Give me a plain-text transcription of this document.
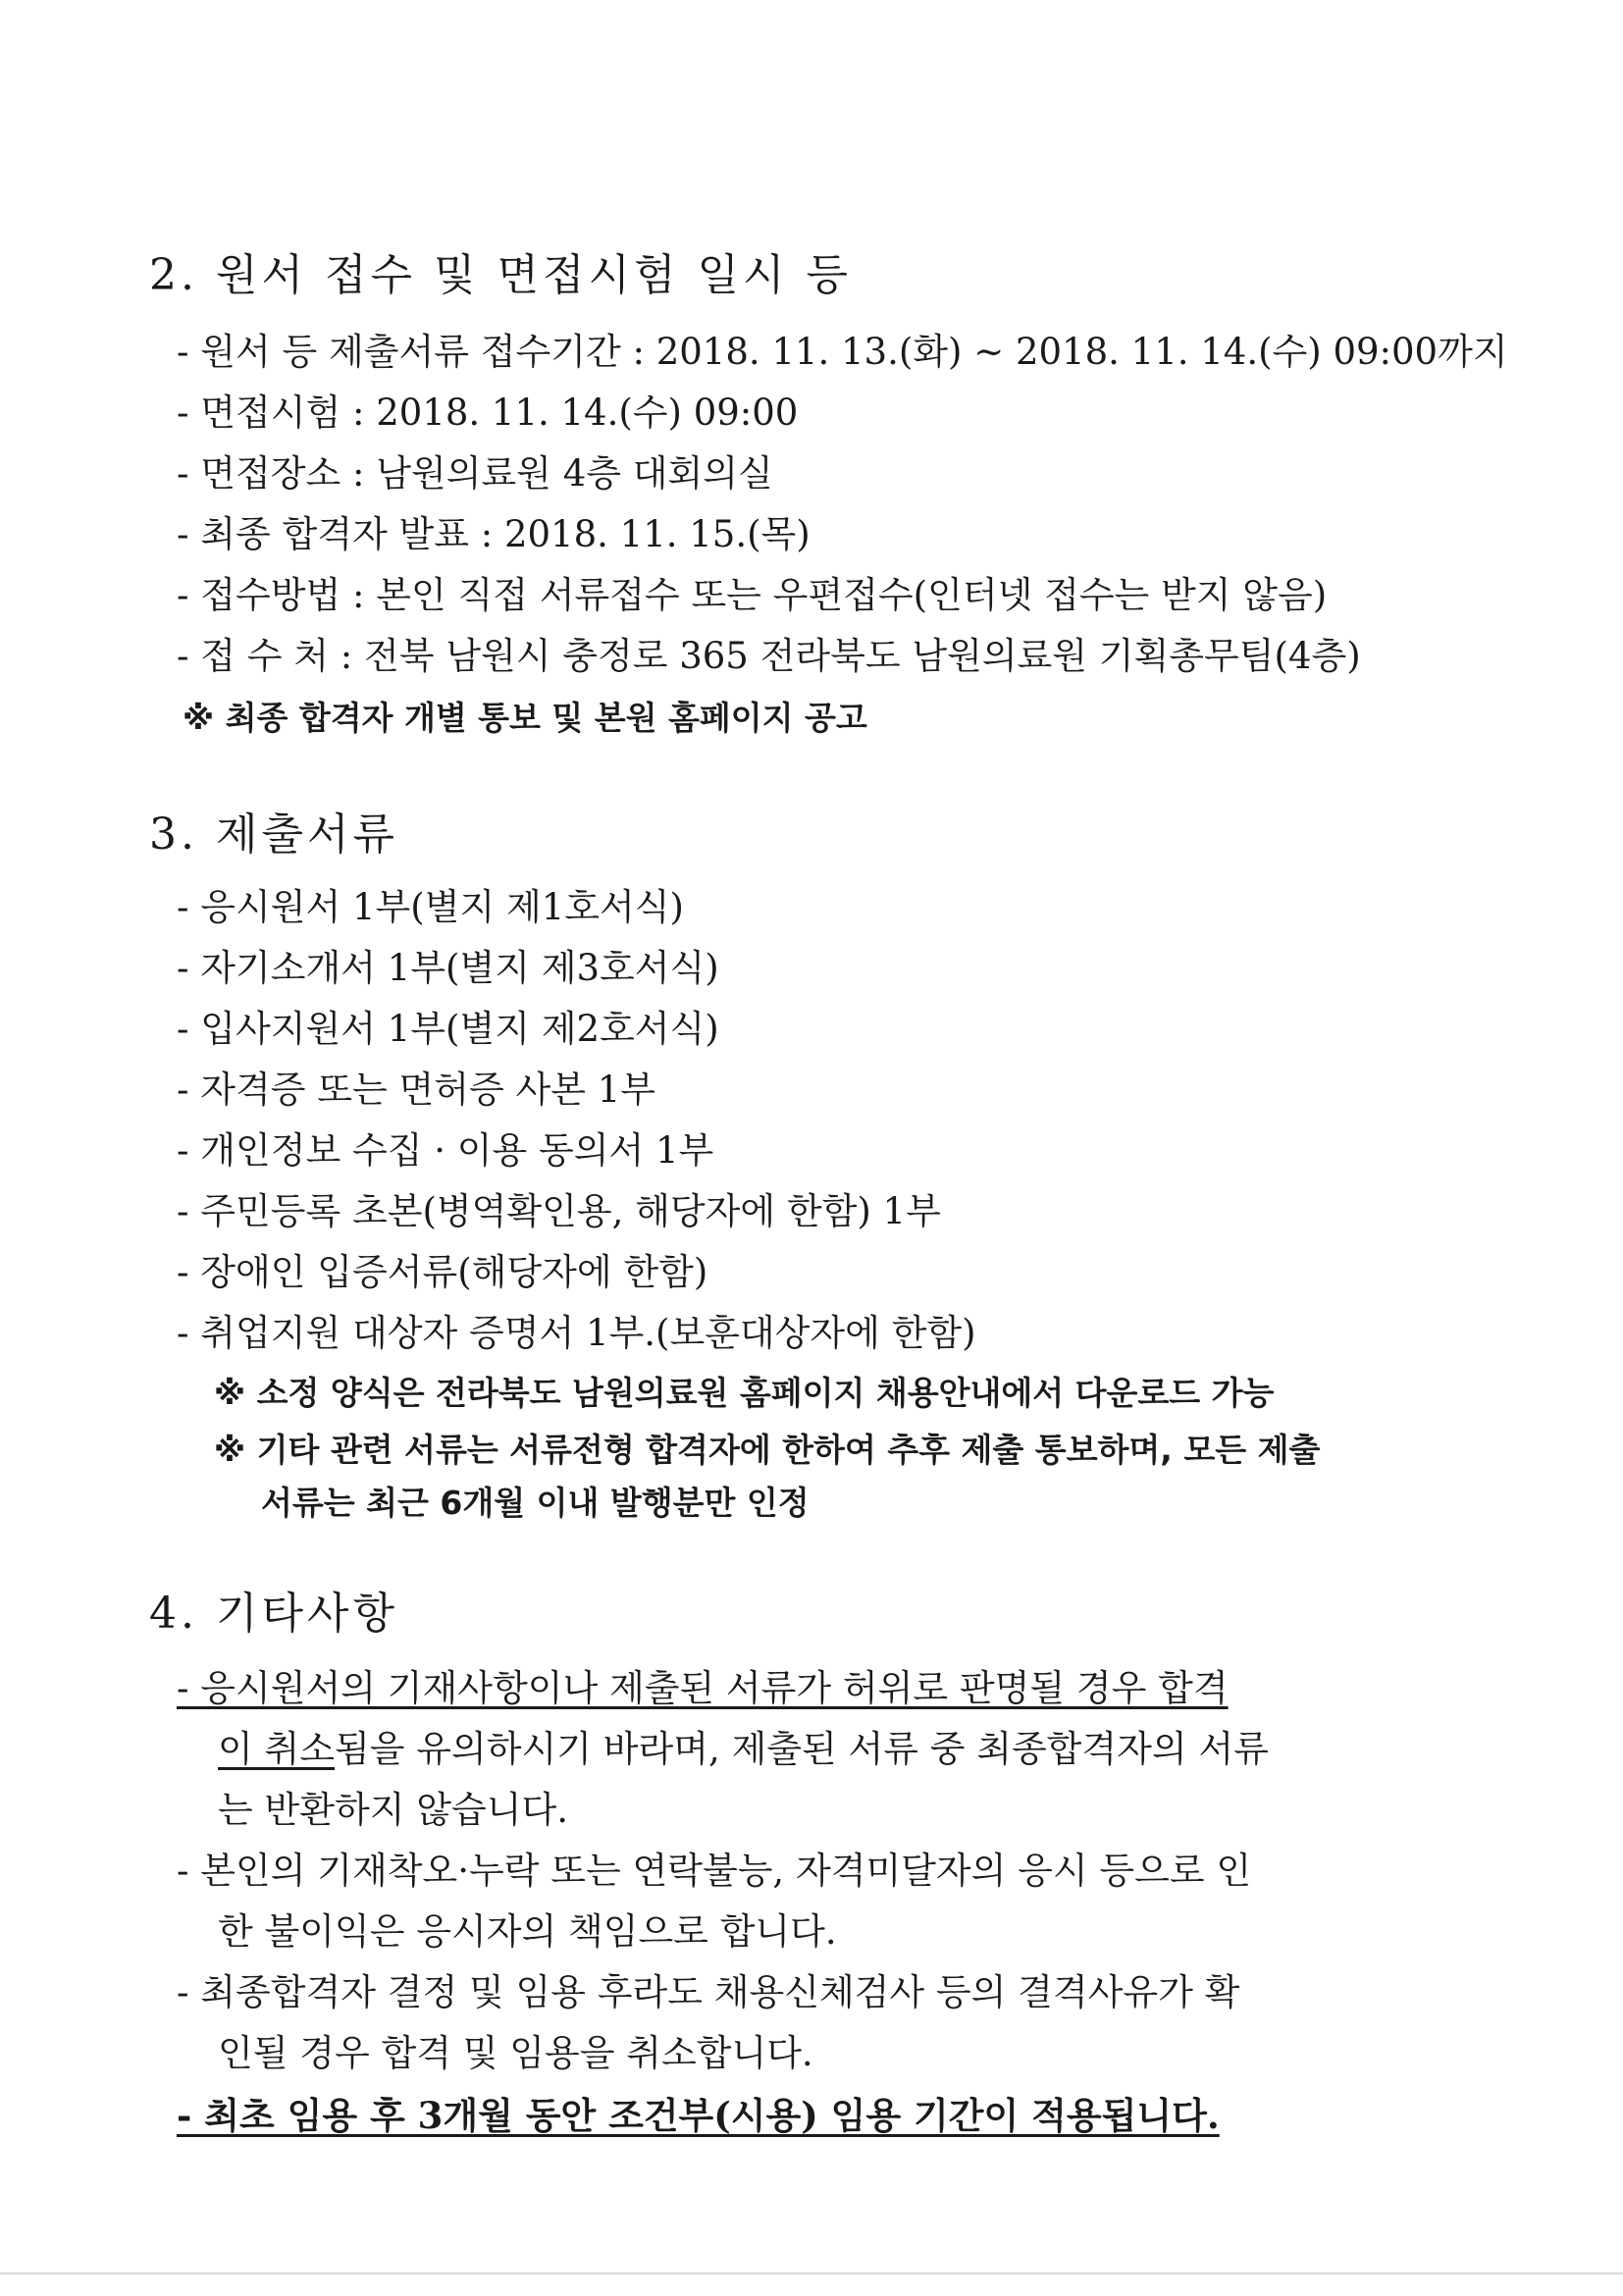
2. 원서 접수 및 면접시험 일시 등

- 원서 등 제출서류 접수기간 : 2018. 11. 13.(화) ~ 2018. 11. 14.(수) 09:00까지

- 면접시험 : 2018. 11. 14.(수) 09:00

- 면접장소 : 남원의료원 4층 대회의실

- 최종 합격자 발표 : 2018. 11. 15.(목)

- 접수방법 : 본인 직접 서류접수 또는 우편접수(인터넷 접수는 받지 않음)

- 접 수 처 : 전북 남원시 충정로 365 전라북도 남원의료원 기획총무팀(4층)

※ 최종 합격자 개별 통보 및 본원 홈페이지 공고

3. 제출서류

- 응시원서 1부(별지 제1호서식)

- 자기소개서 1부(별지 제3호서식)

- 입사지원서 1부(별지 제2호서식)

- 자격증 또는 면허증 사본 1부

- 개인정보 수집 · 이용 동의서 1부

- 주민등록 초본(병역확인용, 해당자에 한함) 1부

- 장애인 입증서류(해당자에 한함)

- 취업지원 대상자 증명서 1부.(보훈대상자에 한함)

※ 소정 양식은 전라북도 남원의료원 홈페이지 채용안내에서 다운로드 가능

※ 기타 관련 서류는 서류전형 합격자에 한하여 추후 제출 통보하며, 모든 제출

서류는 최근 6개월 이내 발행분만 인정

4. 기타사항

- 응시원서의 기재사항이나 제출된 서류가 허위로 판명될 경우 합격

이 취소됨을 유의하시기 바라며, 제출된 서류 중 최종합격자의 서류

는 반환하지 않습니다.

- 본인의 기재착오·누락 또는 연락불능, 자격미달자의 응시 등으로 인

한 불이익은 응시자의 책임으로 합니다.

- 최종합격자 결정 및 임용 후라도 채용신체검사 등의 결격사유가 확

인될 경우 합격 및 임용을 취소합니다.

- 최초 임용 후 3개월 동안 조건부(시용) 임용 기간이 적용됩니다.
